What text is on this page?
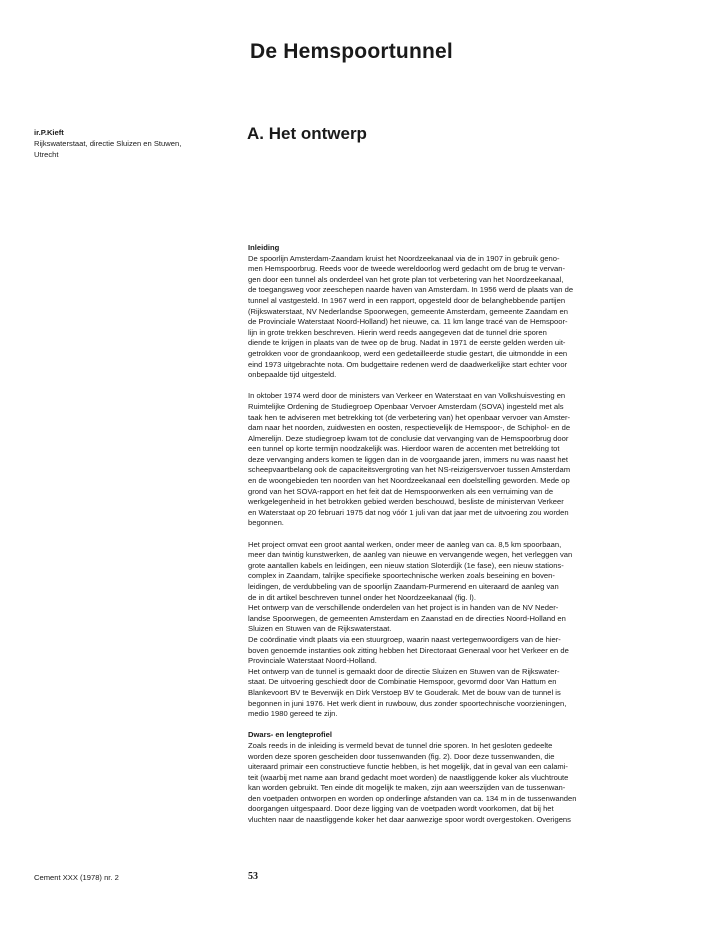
De Hemspoortunnel
ir.P.Kieft
Rijkswaterstaat, directie Sluizen en Stuwen,
Utrecht
A. Het ontwerp
Inleiding
De spoorlijn Amsterdam-Zaandam kruist het Noordzeekanaal via de in 1907 in gebruik geno-
men Hemspoorbrug. Reeds voor de tweede wereldoorlog werd gedacht om de brug te vervan-
gen door een tunnel als onderdeel van het grote plan tot verbetering van het Noordzeekanaal,
de toegangsweg voor zeeschepen naarde haven van Amsterdam. In 1956 werd de plaats van de
tunnel al vastgesteld. In 1967 werd in een rapport, opgesteld door de belanghebbende partijen
(Rijkswaterstaat, NV Nederlandse Spoorwegen, gemeente Amsterdam, gemeente Zaandam en
de Provinciale Waterstaat Noord-Holland) het nieuwe, ca. 11 km lange tracé van de Hemspoor-
lijn in grote trekken beschreven. Hierin werd reeds aangegeven dat de tunnel drie sporen
diende te krijgen in plaats van de twee op de brug. Nadat in 1971 de eerste gelden werden uit-
getrokken voor de grondaankoop, werd een gedetailleerde studie gestart, die uitmondde in een
eind 1973 uitgebrachte nota. Om budgettaire redenen werd de daadwerkelijke start echter voor
onbepaalde tijd uitgesteld.
In oktober 1974 werd door de ministers van Verkeer en Waterstaat en van Volkshuisvesting en
Ruimtelijke Ordening de Studiegroep Openbaar Vervoer Amsterdam (SOVA) ingesteld met als
taak hen te adviseren met betrekking tot (de verbetering van) het openbaar vervoer van Amster-
dam naar het noorden, zuidwesten en oosten, respectievelijk de Hemspoor-, de Schiphol- en de
Almerelijn. Deze studiegroep kwam tot de conclusie dat vervanging van de Hemspoorbrug door
een tunnel op korte termijn noodzakelijk was. Hierdoor waren de accenten met betrekking tot
deze vervanging anders komen te liggen dan in de voorgaande jaren, immers nu was naast het
scheepvaartbelang ook de capaciteitsvergroting van het NS-reizigersvervoer tussen Amsterdam
en de woongebieden ten noorden van het Noordzeekanaal een doelstelling geworden. Mede op
grond van het SOVA-rapport en het feit dat de Hemspoorwerken als een verruiming van de
werkgelegenheid in het betrokken gebied werden beschouwd, besliste de ministervan Verkeer
en Waterstaat op 20 februari 1975 dat nog vóór 1 juli van dat jaar met de uitvoering zou worden
begonnen.
Het project omvat een groot aantal werken, onder meer de aanleg van ca. 8,5 km spoorbaan,
meer dan twintig kunstwerken, de aanleg van nieuwe en vervangende wegen, het verleggen van
grote aantallen kabels en leidingen, een nieuw station Sloterdijk (1e fase), een nieuw stations-
complex in Zaandam, talrijke specifieke spoortechnische werken zoals beseining en boven-
leidingen, de verdubbeling van de spoorlijn Zaandam-Purmerend en uiteraard de aanleg van
de in dit artikel beschreven tunnel onder het Noordzeekanaal (fig. l).
Het ontwerp van de verschillende onderdelen van het project is in handen van de NV Neder-
landse Spoorwegen, de gemeenten Amsterdam en Zaanstad en de directies Noord-Holland en
Sluizen en Stuwen van de Rijkswaterstaat.
De coördinatie vindt plaats via een stuurgroep, waarin naast vertegenwoordigers van de hier-
boven genoemde instanties ook zitting hebben het Directoraat Generaal voor het Verkeer en de
Provinciale Waterstaat Noord-Holland.
Het ontwerp van de tunnel is gemaakt door de directie Sluizen en Stuwen van de Rijkswater-
staat. De uitvoering geschiedt door de Combinatie Hemspoor, gevormd door Van Hattum en
Blankevoort BV te Beverwijk en Dirk Verstoep BV te Gouderak. Met de bouw van de tunnel is
begonnen in juni 1976. Het werk dient in ruwbouw, dus zonder spoortechnische voorzieningen,
medio 1980 gereed te zijn.
Dwars- en lengteprofiel
Zoals reeds in de inleiding is vermeld bevat de tunnel drie sporen. In het gesloten gedeelte
worden deze sporen gescheiden door tussenwanden (fig. 2). Door deze tussenwanden, die
uiteraard primair een constructieve functie hebben, is het mogelijk, dat in geval van een calami-
teit (waarbij met name aan brand gedacht moet worden) de naastliggende koker als vluchtroute
kan worden gebruikt. Ten einde dit mogelijk te maken, zijn aan weerszijden van de tussenwan-
den voetpaden ontworpen en worden op onderlinge afstanden van ca. 134 m in de tussenwanden
doorgangen uitgespaard. Door deze ligging van de voetpaden wordt voorkomen, dat bij het
vluchten naar de naastliggende koker het daar aanwezige spoor wordt overgestoken. Overigens
Cement XXX (1978) nr. 2	53
